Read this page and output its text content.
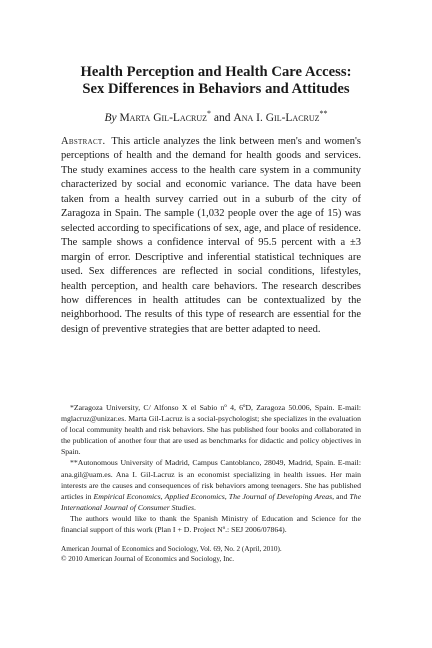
Health Perception and Health Care Access:
Sex Differences in Behaviors and Attitudes
By Marta Gil-Lacruz* and Ana I. Gil-Lacruz**
Abstract. This article analyzes the link between men's and women's perceptions of health and the demand for health goods and services. The study examines access to the health care system in a community characterized by social and economic variance. The data have been taken from a health survey carried out in a suburb of the city of Zaragoza in Spain. The sample (1,032 people over the age of 15) was selected according to specifications of sex, age, and place of residence. The sample shows a confidence interval of 95.5 percent with a ±3 margin of error. Descriptive and inferential statistical techniques are used. Sex differences are reflected in social conditions, lifestyles, health perception, and health care behaviors. The research describes how differences in health attitudes can be contextualized by the neighborhood. The results of this type of research are essential for the design of preventive strategies that are better adapted to need.

*Zaragoza University, C/ Alfonso X el Sabio nº 4, 6ºD, Zaragoza 50.006, Spain. E-mail: mglacruz@unizar.es. Marta Gil-Lacruz is a social-psychologist; she specializes in the evaluation of local community health and risk behaviors. She has published four books and collaborated in the publication of another four that are used as benchmarks for didactic and policy objectives in Spain.

**Autonomous University of Madrid, Campus Cantoblanco, 28049, Madrid, Spain. E-mail: ana.gil@uam.es. Ana I. Gil-Lacruz is an economist specializing in health issues. Her main interests are the causes and consequences of risk behaviors among teenagers. She has published articles in Empirical Economics, Applied Economics, The Journal of Developing Areas, and The International Journal of Consumer Studies.

The authors would like to thank the Spanish Ministry of Education and Science for the financial support of this work (Plan I + D. Project Nº.: SEJ 2006/07864).

American Journal of Economics and Sociology, Vol. 69, No. 2 (April, 2010).
© 2010 American Journal of Economics and Sociology, Inc.
